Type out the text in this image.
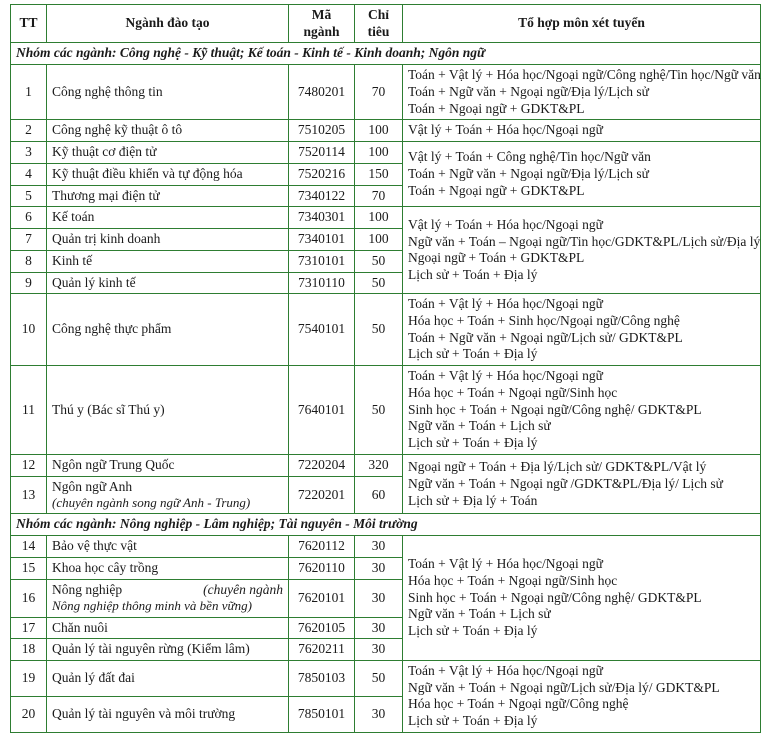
TT	Ngành đào tạo	Mã ngành	Chỉ tiêu	Tổ hợp môn xét tuyển
Nhóm các ngành: Công nghệ - Kỹ thuật; Kế toán - Kinh tế - Kinh doanh; Ngôn ngữ				
1	Công nghệ thông tin	7480201	70	Toán + Vật lý + Hóa học/Ngoại ngữ/Công nghệ/Tin học/Ngữ văn
Toán + Ngữ văn + Ngoại ngữ/Địa lý/Lịch sử
Toán + Ngoại ngữ + GDKT&PL

2	Công nghệ kỹ thuật ô tô	7510205	100	Vật lý + Toán + Hóa học/Ngoại ngữ

3	Kỹ thuật cơ điện tử	7520114	100	Vật lý + Toán + Công nghệ/Tin học/Ngữ văn
Toán + Ngữ văn + Ngoại ngữ/Địa lý/Lịch sử
Toán + Ngoại ngữ + GDKT&PL

4	Kỹ thuật điều khiển và tự động hóa	7520216	150	
5	Thương mại điện tử	7340122	70	
6	Kế toán	7340301	100	Vật lý + Toán + Hóa học/Ngoại ngữ
Ngữ văn + Toán – Ngoại ngữ/Tin học/GDKT&PL/Lịch sử/Địa lý
Ngoại ngữ + Toán + GDKT&PL
Lịch sử + Toán + Địa lý

7	Quản trị kinh doanh	7340101	100	
8	Kinh tế	7310101	50	
9	Quản lý kinh tế	7310110	50	
10	Công nghệ thực phẩm	7540101	50	Toán + Vật lý + Hóa học/Ngoại ngữ
Hóa học + Toán + Sinh học/Ngoại ngữ/Công nghệ
Toán + Ngữ văn + Ngoại ngữ/Lịch sử/ GDKT&PL
Lịch sử + Toán + Địa lý

11	Thú y (Bác sĩ Thú y)	7640101	50	Toán + Vật lý + Hóa học/Ngoại ngữ
Hóa học + Toán + Ngoại ngữ/Sinh học
Sinh học + Toán + Ngoại ngữ/Công nghệ/ GDKT&PL
Ngữ văn + Toán + Lịch sử
Lịch sử + Toán + Địa lý

12	Ngôn ngữ Trung Quốc	7220204	320	Ngoại ngữ + Toán + Địa lý/Lịch sử/ GDKT&PL/Vật lý
Ngữ văn + Toán + Ngoại ngữ /GDKT&PL/Địa lý/ Lịch sử
Lịch sử + Địa lý + Toán

13	Ngôn ngữ Anh
(chuyên ngành song ngữ Anh - Trung)	7220201	60	
Nhóm các ngành: Nông nghiệp - Lâm nghiệp; Tài nguyên - Môi trường				
14	Bảo vệ thực vật	7620112	30	Toán + Vật lý + Hóa học/Ngoại ngữ
Hóa học + Toán + Ngoại ngữ/Sinh học
Sinh học + Toán + Ngoại ngữ/Công nghệ/ GDKT&PL
Ngữ văn + Toán + Lịch sử
Lịch sử + Toán + Địa lý

15	Khoa học cây trồng	7620110	30	
16	Nông nghiệp (chuyên ngành
Nông nghiệp thông minh và bền vững)	7620101	30	
17	Chăn nuôi	7620105	30	
18	Quản lý tài nguyên rừng (Kiểm lâm)	7620211	30	
19	Quản lý đất đai	7850103	50	Toán + Vật lý + Hóa học/Ngoại ngữ
Ngữ văn + Toán + Ngoại ngữ/Lịch sử/Địa lý/ GDKT&PL
Hóa học + Toán + Ngoại ngữ/Công nghệ
Lịch sử + Toán + Địa lý

20	Quản lý tài nguyên và môi trường	7850101	30	
